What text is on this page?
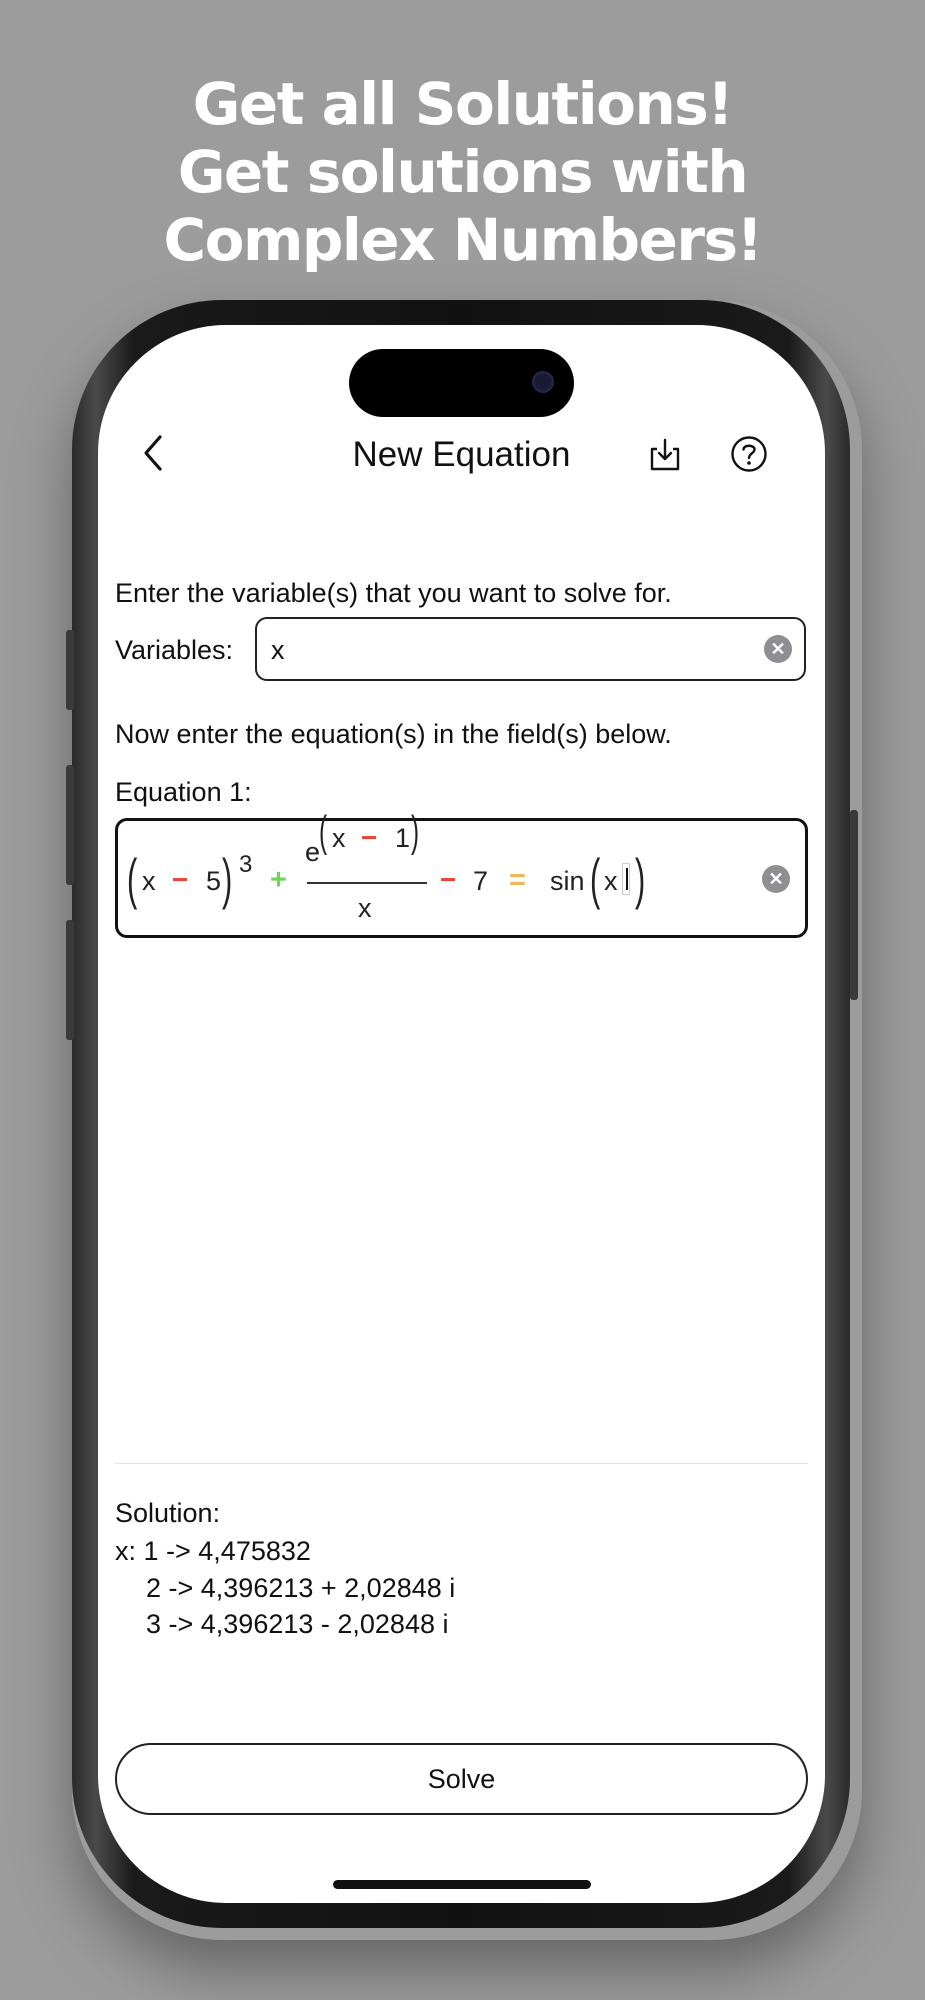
Get all Solutions!
Get solutions with
Complex Numbers!
New Equation
Enter the variable(s) that you want to solve for.
Variables: x	✕
Now enter the equation(s) in the field(s) below.
Equation 1:
( x − 5 ) 3 +
e
( x − 1 )
x
− 7 = sin ( x )	✕
Solution:
x: 1 -> 4,475832
2 -> 4,396213 + 2,02848 i
3 -> 4,396213 - 2,02848 i
Solve
